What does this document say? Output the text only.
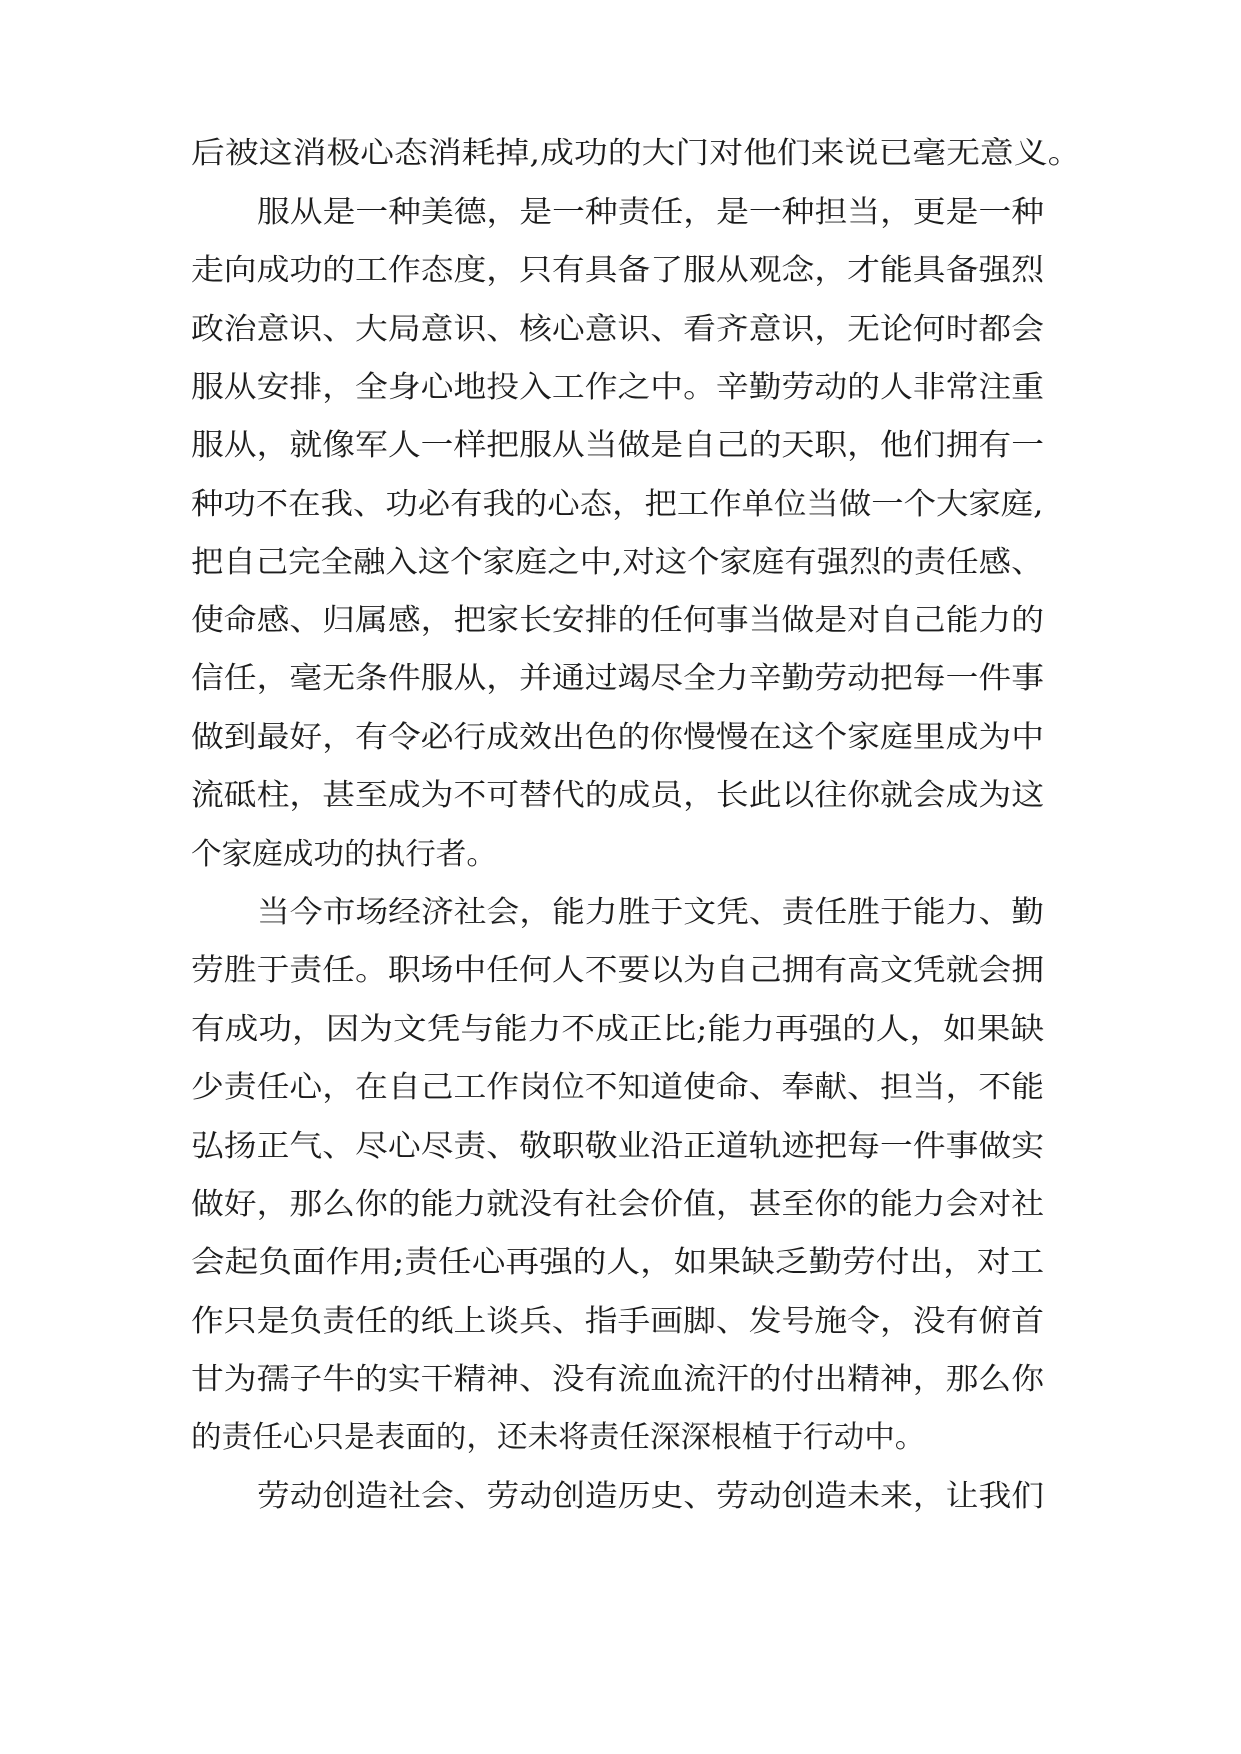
后被这消极心态消耗掉,成功的大门对他们来说已毫无意义。

服从是一种美德，是一种责任，是一种担当，更是一种

走向成功的工作态度，只有具备了服从观念，才能具备强烈

政治意识、大局意识、核心意识、看齐意识，无论何时都会

服从安排，全身心地投入工作之中。辛勤劳动的人非常注重

服从，就像军人一样把服从当做是自己的天职，他们拥有一

种功不在我、功必有我的心态，把工作单位当做一个大家庭,

把自己完全融入这个家庭之中,对这个家庭有强烈的责任感、

使命感、归属感，把家长安排的任何事当做是对自己能力的

信任，毫无条件服从，并通过竭尽全力辛勤劳动把每一件事

做到最好，有令必行成效出色的你慢慢在这个家庭里成为中

流砥柱，甚至成为不可替代的成员，长此以往你就会成为这

个家庭成功的执行者。

当今市场经济社会，能力胜于文凭、责任胜于能力、勤

劳胜于责任。职场中任何人不要以为自己拥有高文凭就会拥

有成功，因为文凭与能力不成正比;能力再强的人，如果缺

少责任心，在自己工作岗位不知道使命、奉献、担当，不能

弘扬正气、尽心尽责、敬职敬业沿正道轨迹把每一件事做实

做好，那么你的能力就没有社会价值，甚至你的能力会对社

会起负面作用;责任心再强的人，如果缺乏勤劳付出，对工

作只是负责任的纸上谈兵、指手画脚、发号施令，没有俯首

甘为孺子牛的实干精神、没有流血流汗的付出精神，那么你

的责任心只是表面的，还未将责任深深根植于行动中。

劳动创造社会、劳动创造历史、劳动创造未来，让我们
